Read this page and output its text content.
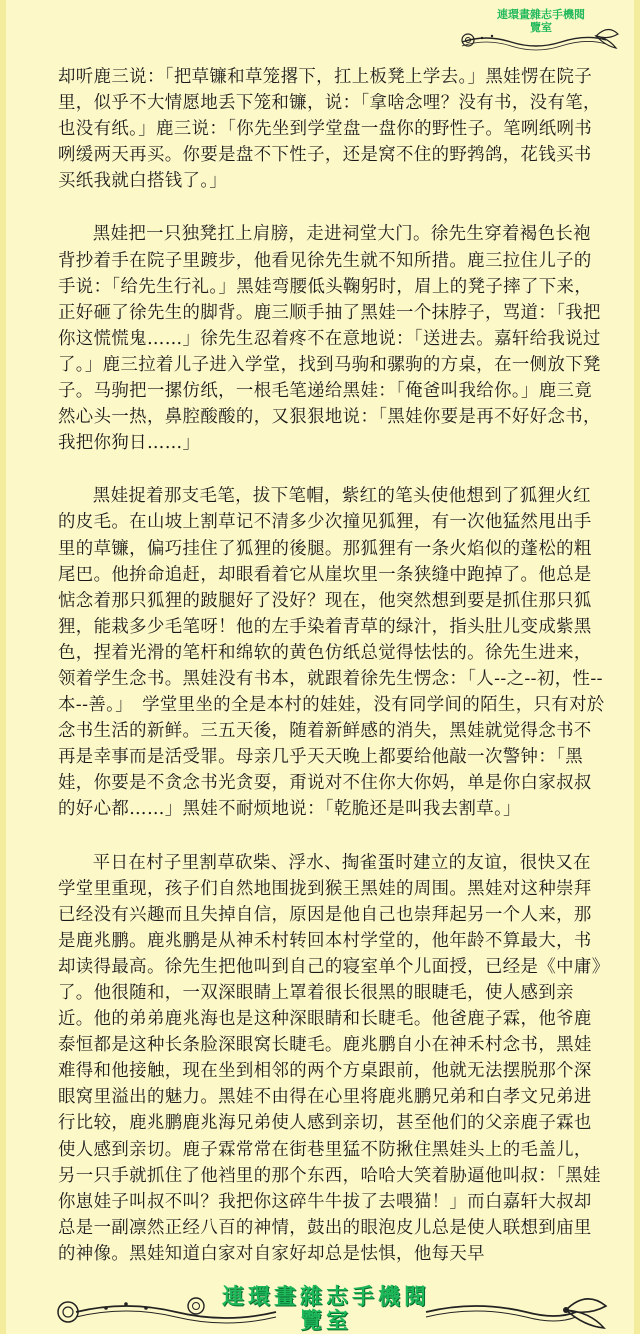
連環畫雜志手機閱
覽室

却听鹿三说：「把草镰和草笼撂下，扛上板凳上学去。」黑娃愣在院子里，似乎不大情愿地丢下笼和镰，说：「拿啥念哩？没有书，没有笔，也没有纸。」鹿三说：「你先坐到学堂盘一盘你的野性子。笔咧纸咧书咧缓两天再买。你要是盘不下性子，还是窝不住的野鹁鸽，花钱买书买纸我就白搭钱了。」

黑娃把一只独凳扛上肩膀，走进祠堂大门。徐先生穿着褐色长袍背抄着手在院子里踱步，他看见徐先生就不知所措。鹿三拉住儿子的手说：「给先生行礼。」黑娃弯腰低头鞠躬时，眉上的凳子摔了下来，正好砸了徐先生的脚背。鹿三顺手抽了黑娃一个抹脖子，骂道：「我把你这慌慌鬼……」徐先生忍着疼不在意地说：「送进去。嘉轩给我说过了。」鹿三拉着儿子进入学堂，找到马驹和骡驹的方桌，在一侧放下凳子。马驹把一摞仿纸，一根毛笔递给黑娃：「俺爸叫我给你。」鹿三竟然心头一热，鼻腔酸酸的，又狠狠地说：「黑娃你要是再不好好念书，我把你狗日……」

黑娃捉着那支毛笔，拔下笔帽，紫红的笔头使他想到了狐狸火红的皮毛。在山坡上割草记不清多少次撞见狐狸，有一次他猛然甩出手里的草镰，偏巧挂住了狐狸的後腿。那狐狸有一条火焰似的蓬松的粗尾巴。他拚命追赶，却眼看着它从崖坎里一条狭缝中跑掉了。他总是惦念着那只狐狸的跛腿好了没好？现在，他突然想到要是抓住那只狐狸，能栽多少毛笔呀！他的左手染着青草的绿汁，指头肚儿变成紫黑色，捏着光滑的笔杆和绵软的黄色仿纸总觉得怯怯的。徐先生进来，领着学生念书。黑娃没有书本，就跟着徐先生愣念：「人--之--初，性--本--善。」　学堂里坐的全是本村的娃娃，没有同学间的陌生，只有对於念书生活的新鲜。三五天後，随着新鲜感的消失，黑娃就觉得念书不再是幸事而是活受罪。母亲几乎天天晚上都要给他敲一次警钟：「黑娃，你要是不贪念书光贪耍，甭说对不住你大你妈，单是你白家叔叔的好心都……」黑娃不耐烦地说：「乾脆还是叫我去割草。」

平日在村子里割草砍柴、浮水、掏雀蛋时建立的友谊，很快又在学堂里重现，孩子们自然地围拢到猴王黑娃的周围。黑娃对这种崇拜已经没有兴趣而且失掉自信，原因是他自己也崇拜起另一个人来，那是鹿兆鹏。鹿兆鹏是从神禾村转回本村学堂的，他年龄不算最大，书却读得最高。徐先生把他叫到自己的寝室单个儿面授，已经是《中庸》了。他很随和，一双深眼睛上罩着很长很黑的眼睫毛，使人感到亲近。他的弟弟鹿兆海也是这种深眼睛和长睫毛。他爸鹿子霖，他爷鹿泰恒都是这种长条脸深眼窝长睫毛。鹿兆鹏自小在神禾村念书，黑娃难得和他接触，现在坐到相邻的两个方桌跟前，他就无法摆脱那个深眼窝里溢出的魅力。黑娃不由得在心里将鹿兆鹏兄弟和白孝文兄弟进行比较，鹿兆鹏鹿兆海兄弟使人感到亲切，甚至他们的父亲鹿子霖也使人感到亲切。鹿子霖常常在街巷里猛不防揪住黑娃头上的毛盖儿，另一只手就抓住了他裆里的那个东西，哈哈大笑着胁逼他叫叔：「黑娃你崽娃子叫叔不叫？我把你这碎牛牛拔了去喂猫！」而白嘉轩大叔却总是一副凛然正经八百的神情，鼓出的眼泡皮儿总是使人联想到庙里的神像。黑娃知道白家对自家好却总是怯惧，他每天早

連環畫雜志手機閱
覽室
